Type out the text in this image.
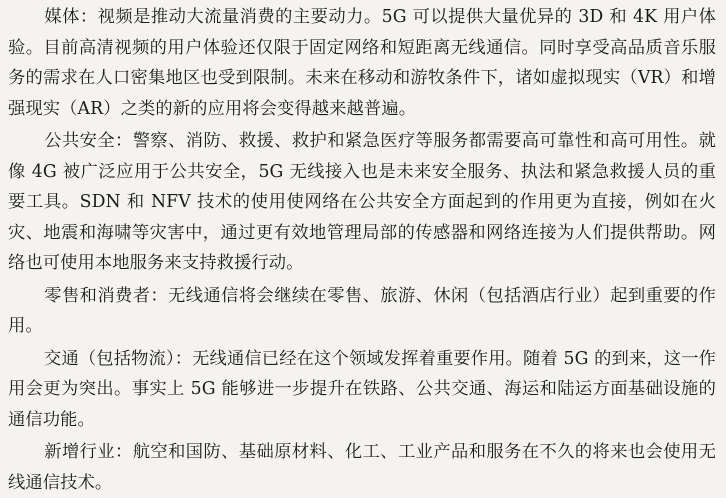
媒体：视频是推动大流量消费的主要动力。5G 可以提供大量优异的 3D 和 4K 用户体验。目前高清视频的用户体验还仅限于固定网络和短距离无线通信。同时享受高品质音乐服务的需求在人口密集地区也受到限制。未来在移动和游牧条件下，诸如虚拟现实（VR）和增强现实（AR）之类的新的应用将会变得越来越普遍。

公共安全：警察、消防、救援、救护和紧急医疗等服务都需要高可靠性和高可用性。就像 4G 被广泛应用于公共安全，5G 无线接入也是未来安全服务、执法和紧急救援人员的重要工具。SDN 和 NFV 技术的使用使网络在公共安全方面起到的作用更为直接，例如在火灾、地震和海啸等灾害中，通过更有效地管理局部的传感器和网络连接为人们提供帮助。网络也可使用本地服务来支持救援行动。

零售和消费者：无线通信将会继续在零售、旅游、休闲（包括酒店行业）起到重要的作用。

交通（包括物流）：无线通信已经在这个领域发挥着重要作用。随着 5G 的到来，这一作用会更为突出。事实上 5G 能够进一步提升在铁路、公共交通、海运和陆运方面基础设施的通信功能。

新增行业：航空和国防、基础原材料、化工、工业产品和服务在不久的将来也会使用无线通信技术。
